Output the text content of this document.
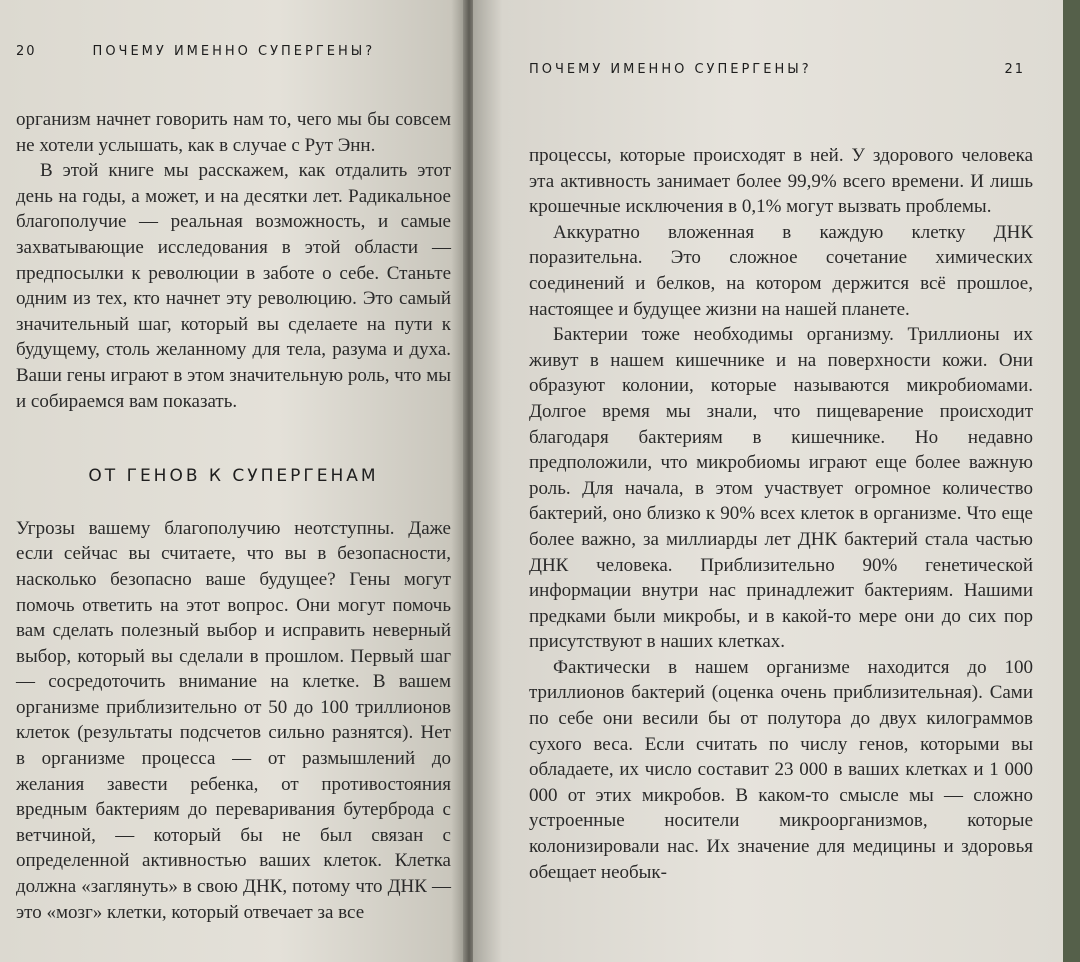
20	ПОЧЕМУ ИМЕННО СУПЕРГЕНЫ?

организм начнет говорить нам то, чего мы бы совсем не хотели услышать, как в случае с Рут Энн.

В этой книге мы расскажем, как отдалить этот день на годы, а может, и на десятки лет. Радикальное благополучие — реальная возможность, и самые захватывающие исследования в этой области — предпосылки к революции в заботе о себе. Станьте одним из тех, кто начнет эту революцию. Это самый значительный шаг, который вы сделаете на пути к будущему, столь желанному для тела, разума и духа. Ваши гены играют в этом значительную роль, что мы и собираемся вам показать.

ОТ ГЕНОВ К СУПЕРГЕНАМ

Угрозы вашему благополучию неотступны. Даже если сейчас вы считаете, что вы в безопасности, насколько безопасно ваше будущее? Гены могут помочь ответить на этот вопрос. Они могут помочь вам сделать полезный выбор и исправить неверный выбор, который вы сделали в прошлом. Первый шаг — сосредоточить внимание на клетке. В вашем организме приблизительно от 50 до 100 триллионов клеток (результаты подсчетов сильно разнятся). Нет в организме процесса — от размышлений до желания завести ребенка, от противостояния вредным бактериям до переваривания бутерброда с ветчиной, — который бы не был связан с определенной активностью ваших клеток. Клетка должна «заглянуть» в свою ДНК, потому что ДНК — это «мозг» клетки, который отвечает за все

ПОЧЕМУ ИМЕННО СУПЕРГЕНЫ?	21

процессы, которые происходят в ней. У здорового человека эта активность занимает более 99,9% всего времени. И лишь крошечные исключения в 0,1% могут вызвать проблемы.

Аккуратно вложенная в каждую клетку ДНК поразительна. Это сложное сочетание химических соединений и белков, на котором держится всё прошлое, настоящее и будущее жизни на нашей планете.

Бактерии тоже необходимы организму. Триллионы их живут в нашем кишечнике и на поверхности кожи. Они образуют колонии, которые называются микробиомами. Долгое время мы знали, что пищеварение происходит благодаря бактериям в кишечнике. Но недавно предположили, что микробиомы играют еще более важную роль. Для начала, в этом участвует огромное количество бактерий, оно близко к 90% всех клеток в организме. Что еще более важно, за миллиарды лет ДНК бактерий стала частью ДНК человека. Приблизительно 90% генетической информации внутри нас принадлежит бактериям. Нашими предками были микробы, и в какой-то мере они до сих пор присутствуют в наших клетках.

Фактически в нашем организме находится до 100 триллионов бактерий (оценка очень приблизительная). Сами по себе они весили бы от полутора до двух килограммов сухого веса. Если считать по числу генов, которыми вы обладаете, их число составит 23 000 в ваших клетках и 1 000 000 от этих микробов. В каком-то смысле мы — сложно устроенные носители микроорганизмов, которые колонизировали нас. Их значение для медицины и здоровья обещает необык-
